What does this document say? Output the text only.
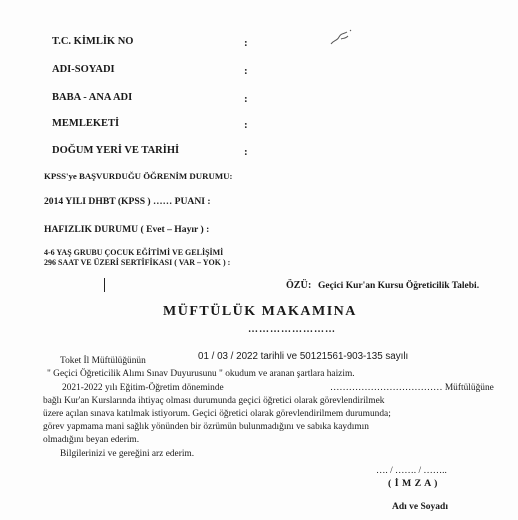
T.C. KİMLİK NO	:
ADI-SOYADI	:
BABA - ANA ADI	:
MEMLEKETİ	:
DOĞUM YERİ VE TARİHİ	:
KPSS'ye BAŞVURDUĞU ÖĞRENİM DURUMU:
2014 YILI DHBT (KPSS ) …… PUANI :
HAFIZLIK DURUMU ( Evet – Hayır ) :
4-6 YAŞ GRUBU ÇOCUK EĞİTİMİ VE GELİŞİMİ
296 SAAT VE ÜZERİ SERTİFİKASI ( VAR – YOK ) :
ÖZÜ : Geçici Kur'an Kursu Öğreticilik Talebi.
MÜFTÜLÜK MAKAMINA
……………………
Toket İl Müftülüğünün	01 / 03 / 2022 tarihli ve 50121561-903-135 sayılı
" Geçici Öğreticilik Alımı Sınav Duyurusunu " okudum ve aranan şartlara haizim.
2021-2022 yılı Eğitim-Öğretim döneminde	……………………………… Müftülüğüne
bağlı Kur'an Kurslarında ihtiyaç olması durumunda geçici öğretici olarak görevlendirilmek
üzere açılan sınava katılmak istiyorum. Geçici öğretici olarak görevlendirilmem durumunda;
görev yapmama mani sağlık yönünden bir özrümün bulunmadığını ve sabıka kaydımın
olmadığını beyan ederim.
Bilgilerinizi ve gereğini arz ederim.
…. / ……. / ……..
( İ M Z A )
Adı ve Soyadı
